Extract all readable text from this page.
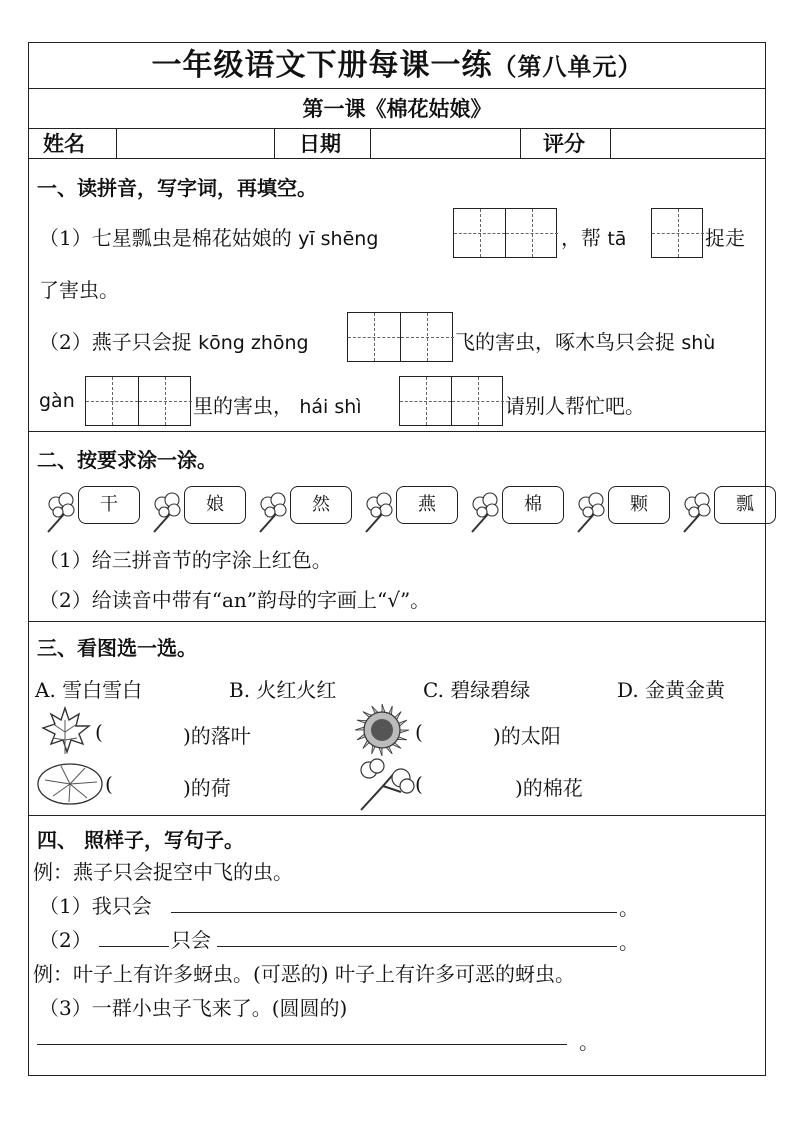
一年级语文下册每课一练（第八单元）
第一课《棉花姑娘》
姓名	日期	评分
一、读拼音，写字词，再填空。
（1）七星瓢虫是棉花姑娘的 yī shēng	，帮 tā	捉走
了害虫。
（2）燕子只会捉 kōng zhōng	飞的害虫，啄木鸟只会捉 shù
gàn	里的害虫， hái shì	请别人帮忙吧。
二、按要求涂一涂。
（1）给三拼音节的字涂上红色。
（2）给读音中带有“an”韵母的字画上“√”。
干	娘	然	燕	棉	颗	瓢
三、看图选一选。
A. 雪白雪白	B. 火红火红	C. 碧绿碧绿	D. 金黄金黄
(	)的落叶	(	)的太阳
(	)的荷	(	)的棉花
四、 照样子，写句子。
例：燕子只会捉空中飞的虫。
（1）我只会	。
（2）	只会	。
例：叶子上有许多蚜虫。(可恶的) 叶子上有许多可恶的蚜虫。
（3）一群小虫子飞来了。(圆圆的)
。
